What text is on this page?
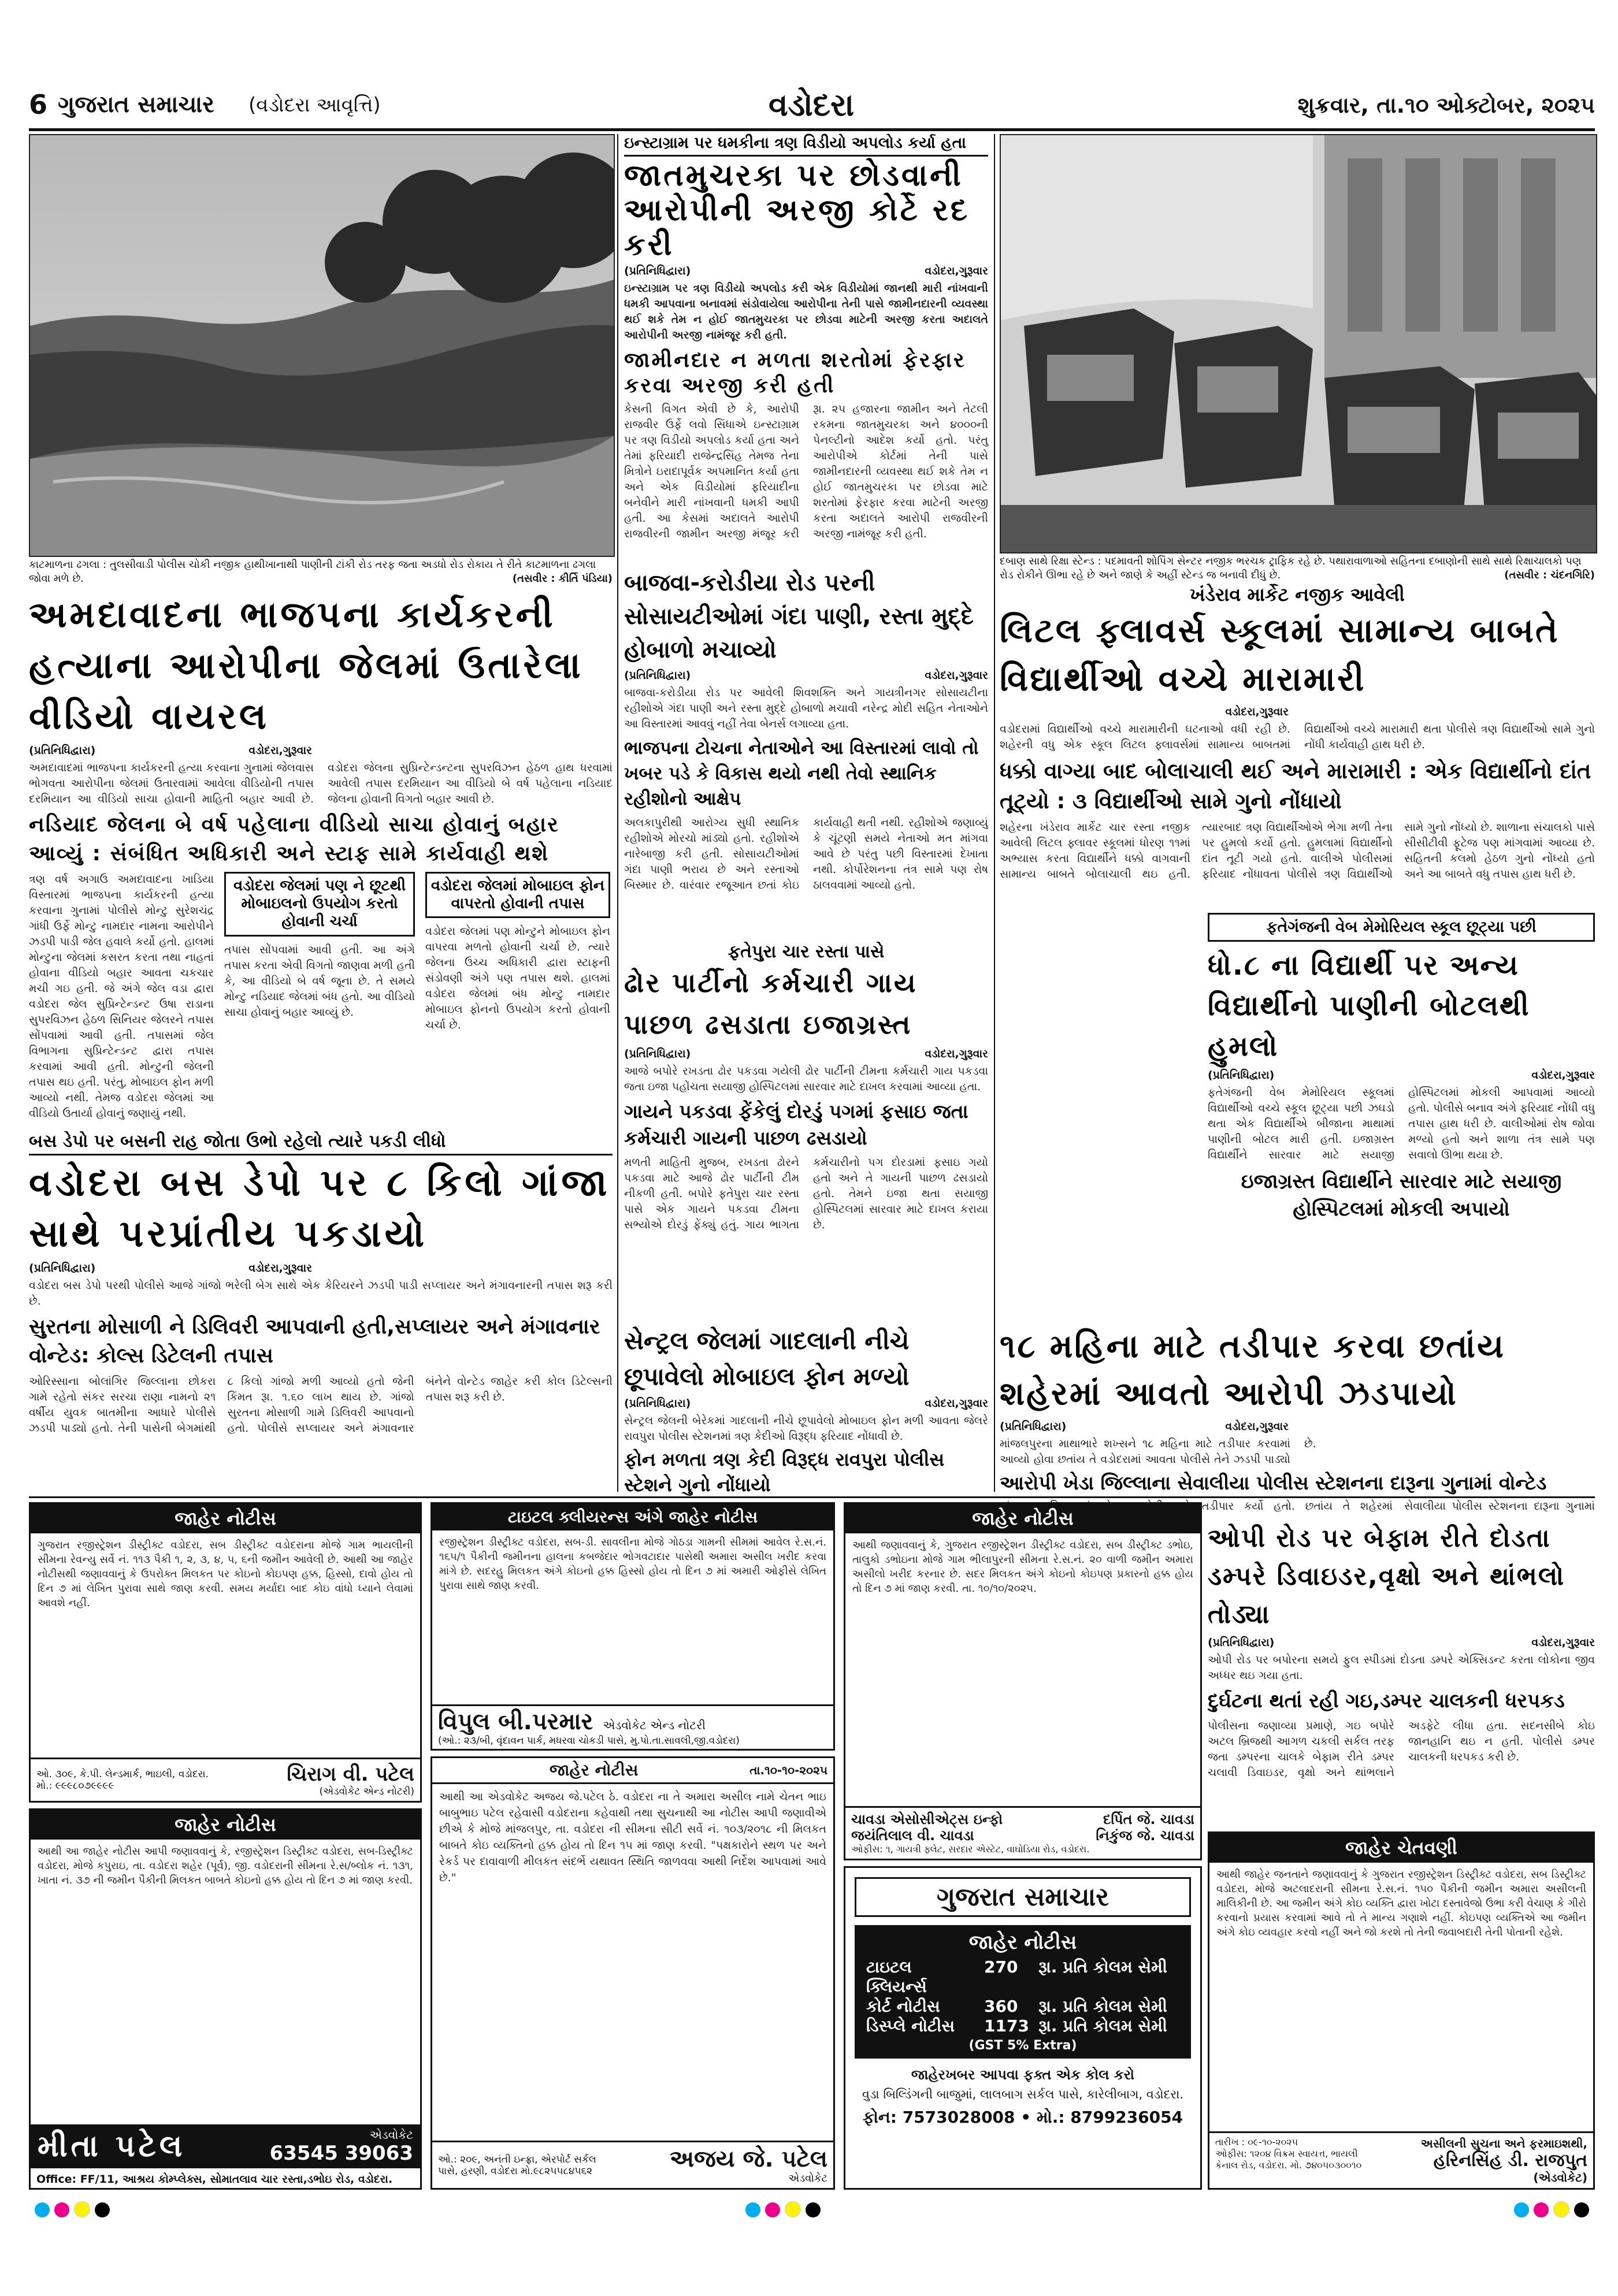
6 ગુજરાત સમાચાર (વડોદરા આવૃત્તિ)	વડોદરા	શુક્રવાર, તા.૧૦ ઓક્ટોબર, ૨૦૨૫
કાટમાળના ઢગલા : તુલસીવાડી પોલીસ ચોકી નજીક હાથીખાનાથી પાણીની ટાંકી રોડ તરફ જતા અડધો રોડ રોકાય તે રીતે કાટમાળના ઢગલા જોવા મળે છે.	(તસવીર : કીર્તિ પંડિયા)
ઇન્સ્ટાગ્રામ પર ધમકીના ત્રણ વિડીયો અપલોડ કર્યા હતા
જાતમુચરકા પર છોડવાની આરોપીની અરજી કોર્ટે રદ કરી
(પ્રતિનિધિદ્વારા)	વડોદરા,ગુરૂવાર

ઇન્સ્ટાગ્રામ પર ત્રણ વિડીયો અપલોડ કરી એક વિડીયોમાં જાનથી મારી નાંખવાની ધમકી આપવાના બનાવમાં સંડોવાયેલા આરોપીના તેની પાસે જામીનદારની વ્યવસ્થા થઈ શકે તેમ ન હોઈ જાતમુચરકા પર છોડવા માટેની અરજી કરતા અદાલતે આરોપીની અરજી નામંજૂર કરી હતી.

જામીનદાર ન મળતા શરતોમાં ફેરફાર કરવા અરજી કરી હતી

કેસની વિગત એવી છે કે, આરોપી રાજવીર ઉર્ફે લવો સિંધાએ ઇન્સ્ટાગ્રામ પર ત્રણ વિડીયો અપલોડ કર્યા હતા અને તેમાં ફરિયાદી રાજેન્દ્રસિંહ તેમજ તેના મિત્રોને ઇરાદાપૂર્વક અપમાનિત કર્યા હતા અને એક વિડીયોમાં ફરિયાદીના બનેવીને મારી નાંખવાની ધમકી આપી હતી. આ કેસમાં અદાલતે આરોપી રાજવીરની જામીન અરજી મંજૂર કરી રૂા. ૨૫ હજારના જામીન અને તેટલી રકમના જાતમુચરકા અને ૪૦૦૦ની પેનલ્ટીનો આદેશ કર્યો હતો. પરંતુ આરોપીએ કોર્ટમાં તેની પાસે જામીનદારની વ્યવસ્થા થઈ શકે તેમ ન હોઈ જાતમુચરકા પર છોડવા માટે શરતોમાં ફેરફાર કરવા માટેની અરજી કરતા અદાલતે આરોપી રાજવીરની અરજી નામંજૂર કરી હતી.

દબાણ સાથે રિક્ષા સ્ટેન્ડ : પદમાવતી શોપિંગ સેન્ટર નજીક ભરચક ટ્રાફિક રહે છે. પથારાવાળાઓ સહિતના દબાણોની સાથે સાથે રિક્ષાચાલકો પણ રોડ રોકીને ઊભા રહે છે અને જાણે કે અહીં સ્ટેન્ડ જ બનાવી દીધું છે.	(તસવીર : ચંદનગિરિ)
અમદાવાદના ભાજપના કાર્યકરની હત્યાના આરોપીના જેલમાં ઉતારેલા વીડિયો વાયરલ
(પ્રતિનિધિદ્વારા)	વડોદરા,ગુરૂવાર

અમદાવાદમાં ભાજપના કાર્યકરની હત્યા કરવાના ગુનામાં જેલવાસ ભોગવતા આરોપીના જેલમાં ઉતારવામાં આવેલા વીડિયોની તપાસ દરમિયાન આ વીડિયો સાચા હોવાની માહિતી બહાર આવી છે. વડોદરા જેલના સુપ્રિન્ટેન્ડન્ટના સુપરવિઝન હેઠળ હાથ ધરવામાં આવેલી તપાસ દરમિયાન આ વીડિયો બે વર્ષ પહેલાના નડિયાદ જેલના હોવાની વિગતો બહાર આવી છે.

નડિયાદ જેલના બે વર્ષ પહેલાના વીડિયો સાચા હોવાનું બહાર આવ્યું : સંબંધિત અધિકારી અને સ્ટાફ સામે કાર્યવાહી થશે

ત્રણ વર્ષ અગાઉ અમદાવાદના ખાડિયા વિસ્તારમાં ભાજપના કાર્યકરની હત્યા કરવાના ગુનામાં પોલીસે મોન્ટુ સુરેશચંદ્ર ગાંધી ઉર્ફે મોન્ટુ નામદાર નામના આરોપીને ઝડપી પાડી જેલ હવાલે કર્યો હતો. હાલમાં મોન્ટુના જેલમાં કસરત કરતા તથા નાહતાં હોવાના વીડિયો બહાર આવતા ચકચાર મચી ગઇ હતી. જે અંગે જેલ વડા દ્વારા વડોદરા જેલ સુપ્રિન્ટેન્ડન્ટ ઉષા રાડાના સુપરવિઝન હેઠળ સિનિયર જેલરને તપાસ સોંપવામાં આવી હતી. તપાસમાં જેલ વિભાગના સુપ્રિન્ટેન્ડન્ટ દ્વારા તપાસ કરવામાં આવી હતી. મોન્ટુની જેલની તપાસ થઇ હતી. પરંતુ, મોબાઇલ ફોન મળી આવ્યો નથી. તેમજ વડોદરા જેલમાં આ વીડિયો ઉતાર્યા હોવાનું જણાયું નથી.

વડોદરા જેલમાં પણ ને છૂટથી મોબાઇલનો ઉપયોગ કરતો હોવાની ચર્ચા

તપાસ સોંપવામાં આવી હતી. આ અંગે તપાસ કરતા એવી વિગતો જાણવા મળી હતી કે, આ વીડિયો બે વર્ષ જૂના છે. તે સમયે મોન્ટુ નડિયાદ જેલમાં બંધ હતો. આ વીડિયો સાચા હોવાનું બહાર આવ્યું છે.

વડોદરા જેલમાં મોબાઇલ ફોન વાપરતો હોવાની તપાસ

વડોદરા જેલમાં પણ મોન્ટુને મોબાઇલ ફોન વાપરવા મળતો હોવાની ચર્ચા છે. ત્યારે જેલના ઉચ્ચ અધિકારી દ્વારા સ્ટાફની સંડોવણી અંગે પણ તપાસ થશે. હાલમાં વડોદરા જેલમાં બંધ મોન્ટુ નામદાર મોબાઇલ ફોનનો ઉપયોગ કરતો હોવાની ચર્ચા છે.

બાજવા-કરોડીયા રોડ પરની સોસાયટીઓમાં ગંદા પાણી, રસ્તા મુદ્દે હોબાળો મચાવ્યો
(પ્રતિનિધિદ્વારા)	વડોદરા,ગુરૂવાર

બાજવા-કરોડીયા રોડ પર આવેલી શિવશક્તિ અને ગાયત્રીનગર સોસાયટીના રહીશોએ ગંદા પાણી અને રસ્તા મુદ્દે હોબાળો મચાવી નરેન્દ્ર મોદી સહિત નેતાઓને આ વિસ્તારમાં આવવું નહીં તેવા બેનર્સ લગાવ્યા હતા.

ભાજપના ટોચના નેતાઓને આ વિસ્તારમાં લાવો તો ખબર પડે કે વિકાસ થયો નથી તેવો સ્થાનિક રહીશોનો આક્ષેપ

અલકાપુરીથી આરોગ્ય સુધી સ્થાનિક રહીશોએ મોરચો માંડ્યો હતો. રહીશોએ નારેબાજી કરી હતી. સોસાયટીઓમાં ગંદા પાણી ભરાય છે અને રસ્તાઓ બિસ્માર છે. વારંવાર રજૂઆત છતાં કોઇ કાર્યવાહી થતી નથી. રહીશોએ જણાવ્યું કે ચૂંટણી સમયે નેતાઓ મત માંગવા આવે છે પરંતુ પછી વિસ્તારમાં દેખાતા નથી. કોર્પોરેશનના તંત્ર સામે પણ રોષ ઠાલવવામાં આવ્યો હતો.

ફતેપુરા ચાર રસ્તા પાસે
ઢોર પાર્ટીનો કર્મચારી ગાય પાછળ ઢસડાતા ઇજાગ્રસ્ત
(પ્રતિનિધિદ્વારા)	વડોદરા,ગુરૂવાર

આજે બપોરે રખડતા ઢોર પકડવા ગયેલી ઢોર પાર્ટીની ટીમના કર્મચારી ગાય પકડવા જતા ઇજા પહોંચતા સયાજી હોસ્પિટલમાં સારવાર માટે દાખલ કરવામાં આવ્યા હતા.

ગાયને પકડવા ફેંકેલું દોરડું પગમાં ફસાઇ જતા કર્મચારી ગાયની પાછળ ઢસડાયો

મળતી માહિતી મુજબ, રખડતા ઢોરને પકડવા માટે આજે ઢોર પાર્ટીની ટીમ નીકળી હતી. બપોરે ફતેપુરા ચાર રસ્તા પાસે એક ગાયને પકડવા ટીમના સભ્યોએ દોરડું ફેંક્યું હતું. ગાય ભાગતા કર્મચારીનો પગ દોરડામાં ફસાઇ ગયો હતો અને તે ગાયની પાછળ ઢસડાયો હતો. તેમને ઇજા થતા સયાજી હોસ્પિટલમાં સારવાર માટે દાખલ કરાયા છે.

બસ ડેપો પર બસની રાહ જોતા ઉભો રહેલો ત્યારે પકડી લીધો
વડોદરા બસ ડેપો પર ૮ કિલો ગાંજા સાથે પરપ્રાંતીય પકડાયો
(પ્રતિનિધિદ્વારા)	વડોદરા,ગુરૂવાર

વડોદરા બસ ડેપો પરથી પોલીસે આજે ગાંજો ભરેલી બેગ સાથે એક કેરિયરને ઝડપી પાડી સપ્લાયર અને મંગાવનારની તપાસ શરૂ કરી છે.

સુરતના મોસાળી ને ડિલિવરી આપવાની હતી,સપ્લાયર અને મંગાવનાર વોન્ટેડ: કોલ્સ ડિટેલની તપાસ

ઓરિસ્સાના બોલાંગિર જિલ્લાના છોકરા ગામે રહેતો સંકર સરચા રાણા નામનો ૨૧ વર્ષીય યુવક બાતમીના આધારે પોલીસે ઝડપી પાડ્યો હતો. તેની પાસેની બેગમાંથી ૮ કિલો ગાંજો મળી આવ્યો હતો જેની કિંમત રૂા. ૧.૬૦ લાખ થાય છે. ગાંજો સુરતના મોસાળી ગામે ડિલિવરી આપવાનો હતો. પોલીસે સપ્લાયર અને મંગાવનાર બંનેને વોન્ટેડ જાહેર કરી કોલ ડિટેલ્સની તપાસ શરૂ કરી છે.

સેન્ટ્રલ જેલમાં ગાદલાની નીચે છૂપાવેલો મોબાઇલ ફોન મળ્યો
(પ્રતિનિધિદ્વારા)	વડોદરા,ગુરૂવાર

સેન્ટ્રલ જેલની બેરેકમાં ગાદલાની નીચે છૂપાવેલો મોબાઇલ ફોન મળી આવતા જેલરે રાવપુરા પોલીસ સ્ટેશનમાં ત્રણ કેદીઓ વિરૂદ્ધ ફરિયાદ નોંધાવી છે.

ફોન મળતા ત્રણ કેદી વિરૂદ્ધ રાવપુરા પોલીસ સ્ટેશને ગુનો નોંધાયો

ખંડેરાવ માર્કેટ નજીક આવેલી
લિટલ ફ્લાવર્સ સ્કૂલમાં સામાન્ય બાબતે વિદ્યાર્થીઓ વચ્ચે મારામારી
વડોદરા,ગુરૂવાર

વડોદરામાં વિદ્યાર્થીઓ વચ્ચે મારામારીની ઘટનાઓ વધી રહી છે. શહેરની વધુ એક સ્કૂલ લિટલ ફ્લાવર્સમાં સામાન્ય બાબતમાં વિદ્યાર્થીઓ વચ્ચે મારામારી થતા પોલીસે ત્રણ વિદ્યાર્થીઓ સામે ગુનો નોંધી કાર્યવાહી હાથ ધરી છે.

ધક્કો વાગ્યા બાદ બોલાચાલી થઈ અને મારામારી : એક વિદ્યાર્થીનો દાંત તૂટ્યો : ૩ વિદ્યાર્થીઓ સામે ગુનો નોંધાયો

શહેરના ખંડેરાવ માર્કેટ ચાર રસ્તા નજીક આવેલી લિટલ ફ્લાવર સ્કૂલમાં ધોરણ ૧૧માં અભ્યાસ કરતા વિદ્યાર્થીને ધક્કો વાગવાની સામાન્ય બાબતે બોલાચાલી થઇ હતી. ત્યારબાદ ત્રણ વિદ્યાર્થીઓએ ભેગા મળી તેના પર હુમલો કર્યો હતો. હુમલામાં વિદ્યાર્થીનો દાંત તૂટી ગયો હતો. વાલીએ પોલીસમાં ફરિયાદ નોંધાવતા પોલીસે ત્રણ વિદ્યાર્થીઓ સામે ગુનો નોંધ્યો છે. શાળાના સંચાલકો પાસે સીસીટીવી ફૂટેજ પણ માંગવામાં આવ્યા છે. સહિતની કલમો હેઠળ ગુનો નોંધ્યો હતો અને આ બાબતે વધુ તપાસ હાથ ધરી છે.

ફતેગંજની વેબ મેમોરિયલ સ્કૂલ છૂટ્યા પછી
ધો.૮ ના વિદ્યાર્થી પર અન્ય વિદ્યાર્થીનો પાણીની બોટલથી હુમલો
(પ્રતિનિધિદ્વારા)	વડોદરા,ગુરૂવાર

ફતેગંજની વેબ મેમોરિયલ સ્કૂલમાં વિદ્યાર્થીઓ વચ્ચે સ્કૂલ છૂટ્યા પછી ઝઘડો થતા એક વિદ્યાર્થીએ બીજાના માથામાં પાણીની બોટલ મારી હતી. ઇજાગ્રસ્ત વિદ્યાર્થીને સારવાર માટે સયાજી હોસ્પિટલમાં મોકલી આપવામાં આવ્યો હતો. પોલીસે બનાવ અંગે ફરિયાદ નોંધી વધુ તપાસ હાથ ધરી છે. વાલીઓમાં રોષ જોવા મળ્યો હતો અને શાળા તંત્ર સામે પણ સવાલો ઊભા થયા છે.

ઇજાગ્રસ્ત વિદ્યાર્થીને સારવાર માટે સયાજી હોસ્પિટલમાં મોકલી અપાયો
૧૮ મહિના માટે તડીપાર કરવા છતાંય શહેરમાં આવતો આરોપી ઝડપાયો
(પ્રતિનિધિદ્વારા)	વડોદરા,ગુરૂવાર

માંજલપુરના માથાભારે શખ્સને ૧૮ મહિના માટે તડીપાર કરવામાં આવ્યો હોવા છતાંય તે વડોદરામાં આવતા પોલીસે તેને ઝડપી પાડ્યો છે.

આરોપી ખેડા જિલ્લાના સેવાલીયા પોલીસ સ્ટેશનના દારૂના ગુનામાં વોન્ટેડ

તડીપાર કર્યો હતો. છતાંય તે શહેરમાં સેવાલીયા પોલીસ સ્ટેશનના દારૂના ગુનામાં

ઓપી રોડ પર બેફામ રીતે દોડતા ડમ્પરે ડિવાઇડર,વૃક્ષો અને થાંભલો તોડ્યા
(પ્રતિનિધિદ્વારા)	વડોદરા,ગુરૂવાર

ઓપી રોડ પર બપોરના સમયે ફુલ સ્પીડમાં દોડતા ડમ્પરે એક્સિડન્ટ કરતા લોકોના જીવ અધ્ધર થઇ ગયા હતા.

દુર્ઘટના થતાં રહી ગઇ,ડમ્પર ચાલકની ધરપકડ

પોલીસના જણાવ્યા પ્રમાણે, ગઇ બપોરે અટલ બ્રિજથી આગળ ચકલી સર્કલ તરફ જતા ડમ્પરના ચાલકે બેફામ રીતે ડમ્પર ચલાવી ડિવાઇડર, વૃક્ષો અને થાંભલાને અડફેટે લીધા હતા. સદનસીબે કોઇ જાનહાનિ થઇ ન હતી. પોલીસે ડમ્પર ચાલકની ધરપકડ કરી છે.

જાહેર નોટીસ

ગુજરાત રજીસ્ટ્રેશન ડીસ્ટ્રીક્ટ વડોદરા, સબ ડીસ્ટ્રીક્ટ વડોદરાના મોજે ગામ ભાયલીની સીમના રેવન્યુ સર્વે નં. ૧૧૩ પૈકી ૧, ૨, ૩, ૪, ૫, ૬ની જમીન આવેલી છે. આથી આ જાહેર નોટીસથી જણાવવાનું કે ઉપરોક્ત મિલકત પર કોઇનો કોઇપણ હક્ક, હિસ્સો, દાવો હોય તો દિન ૭ માં લેખિત પુરાવા સાથે જાણ કરવી. સમય મર્યાદા બાદ કોઇ વાંધો ધ્યાને લેવામાં આવશે નહીં.

ઓ. ૩૦૯, કે.પી. લેન્ડમાર્ક, ભાઇલી, વડોદરા. મો.: ૯૯૯૮૦૭૯૯૯૯	ચિરાગ વી. પટેલ
(એડવોકેટ એન્ડ નોટરી)
જાહેર નોટીસ

આથી આ જાહેર નોટીસ આપી જણાવવાનું કે, રજીસ્ટ્રેશન ડિસ્ટ્રીક્ટ વડોદરા, સબ-ડિસ્ટ્રીક્ટ વડોદરા, મોજે કપુરાઇ, તા. વડોદરા શહેર (પૂર્વ), જી. વડોદરાની સીમના રે.સ/બ્લોક નં. ૧૩૧, ખાતા નં. ૩૭ ની જમીન પૈકીની મિલકત બાબતે કોઇનો હક્ક હોય તો દિન ૭ માં જાણ કરવી.

મીતા પટેલ	એડવોકેટ
63545 39063
Office: FF/11, આશ્રય કોમ્પ્લેક્સ, સોમાતલાવ ચાર રસ્તા,ડભોઇ રોડ, વડોદરા.
ટાઇટલ ક્લીયરન્સ અંગે જાહેર નોટીસ

રજીસ્ટ્રેશન ડીસ્ટ્રીક્ટ વડોદરા, સબ-ડી. સાવલીના મોજે ગોઠડા ગામની સીમમાં આવેલ રે.સ.નં. ૧૬૫/૧ પૈકીની જમીનના હાલના કબજેદાર ભોગવટાદાર પાસેથી અમારા અસીલ ખરીદ કરવા માંગે છે. સદરહુ મિલકત અંગે કોઇનો હક્ક હિસ્સો હોય તો દિન ૭ માં અમારી ઓફીસે લેખિત પુરાવા સાથે જાણ કરવી.

વિપુલ બી.પરમાર એડવોકેટ એન્ડ નોટરી
(ઓ.: ૨૩/બી, વૃંદાવન પાર્ક, મધરવા ચોકડી પાસે, મુ.પો.તા.સાવલી,જી.વડોદરા)
જાહેર નોટીસ	તા.૧૦-૧૦-૨૦૨૫

આથી આ એડવોકેટ અજય જે.પટેલ ઠે. વડોદરા ના તે અમારા અસીલ નામે ચેતન ભાઇ બાબુભાઇ પટેલ રહેવાસી વડોદરાના કહેવાથી તથા સુચનાથી આ નોટીસ આપી જણાવીએ છીએ કે મોજે માંજલપુર, તા. વડોદરા ની સીમના સીટી સર્વે નં. ૧૦૩/૨૦૧૮ ની મિલકત બાબતે કોઇ વ્યક્તિનો હક્ક હોય તો દિન ૧૫ માં જાણ કરવી. "પક્ષકારોને સ્થળ પર અને રેકર્ડ પર દાવાવાળી મીલકત સંદર્ભે યથાવત સ્થિતિ જાળવવા આથી નિર્દેશ આપવામાં આવે છે."

ઓ.: ૨૦૯, અનંતી ઇન્ફ્રા, એરપોર્ટ સર્કલ પાસે, હરણી, વડોદરા મો.૯૮૨૫૫૮૪૫૬૨	અજય જે. પટેલ
એડવોકેટ
જાહેર નોટીસ

આથી જણાવવાનું કે, ગુજરાત રજીસ્ટ્રેશન ડીસ્ટ્રીક્ટ વડોદરા, સબ ડીસ્ટ્રીક્ટ ડભોઇ, તાલુકો ડભોઇના મોજે ગામ ભીલાપુરની સીમના રે.સ.નં. ૨૦ વાળી જમીન અમારા અસીલો ખરીદ કરનાર છે. સદર મિલકત અંગે કોઇનો કોઇપણ પ્રકારનો હક્ક હોય તો દિન ૭ માં જાણ કરવી. તા. ૧૦/૧૦/૨૦૨૫.

ચાવડા એસોસીએટ્સ ઇન્ફો	દર્પિત જે. ચાવડા
જયંતિલાલ વી. ચાવડા	નિકુંજ જે. ચાવડા
ઓફીસ: ૧, ગાયત્રી ફ્લેટ, સરદાર એસ્ટેટ, વાઘોડિયા રોડ, વડોદરા.
ગુજરાત સમાચાર
જાહેર નોટીસ
ટાઇટલ ક્લિયર્ન્સ
270	રૂા. પ્રતિ કોલમ સેમી
કોર્ટ નોટીસ	360	રૂા. પ્રતિ કોલમ સેમી
ડિસ્પ્લે નોટીસ	1173 રૂા. પ્રતિ કોલમ સેમી
(GST 5% Extra)
જાહેરખબર આપવા ફક્ત એક કોલ કરો
વુડા બિલ્ડિંગની બાજુમાં, લાલબાગ સર્કલ પાસે, કારેલીબાગ, વડોદરા.
ફોન: 7573028008 • મો.: 8799236054
જાહેર ચેતવણી

આથી જાહેર જનતાને જણાવવાનું કે ગુજરાત રજીસ્ટ્રેશન ડિસ્ટ્રીક્ટ વડોદરા, સબ ડિસ્ટ્રીક્ટ વડોદરા, મોજે અટલાદરાની સીમના રે.સ.નં. ૧૫૦ પૈકીની જમીન અમારા અસીલની માલિકીની છે. આ જમીન અંગે કોઇ વ્યક્તિ દ્વારા ખોટા દસ્તાવેજો ઉભા કરી વેચાણ કે ગીરો કરવાનો પ્રયાસ કરવામાં આવે તો તે માન્ય ગણાશે નહીં. કોઇપણ વ્યક્તિએ આ જમીન અંગે કોઇ વ્યવહાર કરવો નહીં અને જો કરશે તો તેની જવાબદારી તેની પોતાની રહેશે.

તારીખ : ૦૯-૧૦-૨૦૨૫
ઓફીસ: ૧૨૦૪ વિક્રમ સ્વાયત્ત, ભાયલી કેનાલ રોડ, વડોદરા. મો. ૭૪૦૫૦૩૦૦૧૦
અસીલની સુચના અને ફરમાઇશથી,
હરિનસિંહ ડી. રાજપુત
(એડવોકેટ)
